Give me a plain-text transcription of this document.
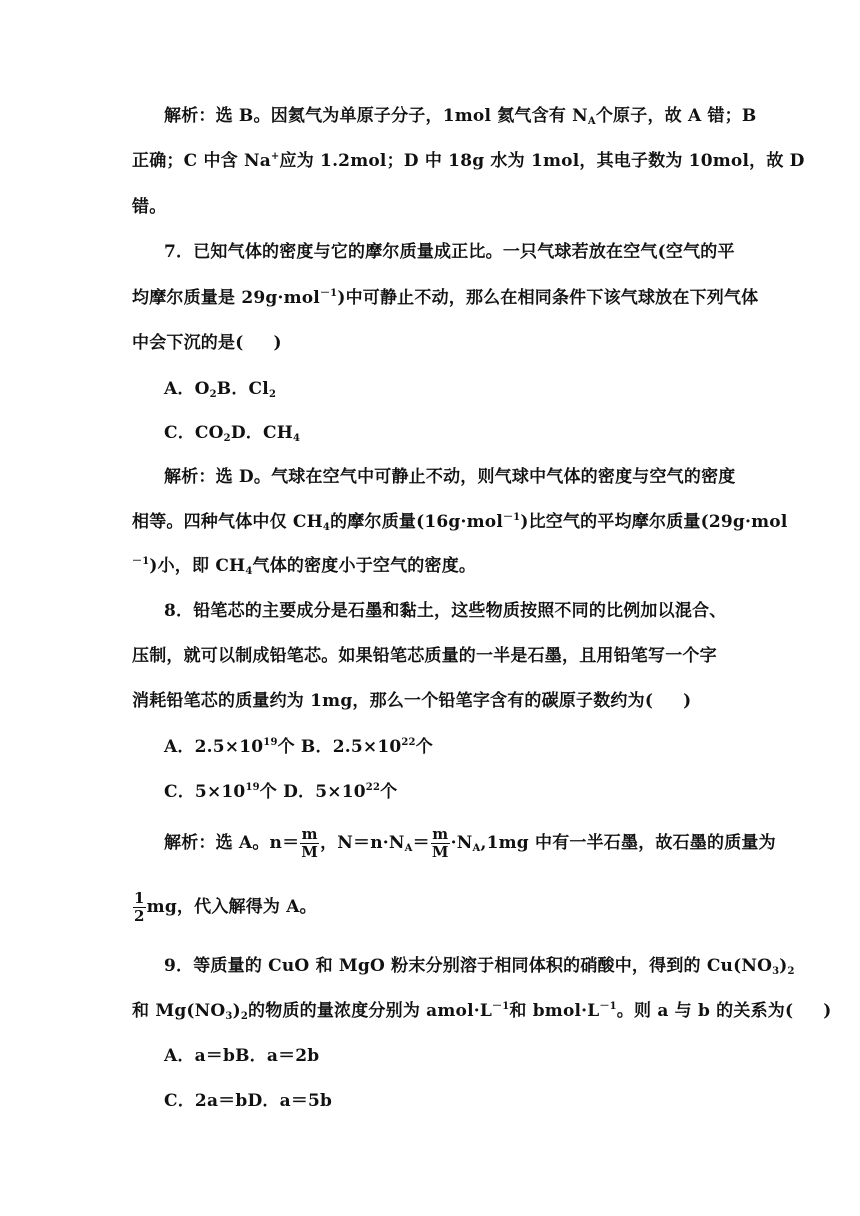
解析：选 B。因氦气为单原子分子，1mol 氦气含有 $N_A$个原子，故 A 错；B
正确；C 中含 Na+应为 1.2mol；D 中 18g 水为 1mol，其电子数为 10mol，故 D
错。
7．已知气体的密度与它的摩尔质量成正比。一只气球若放在空气(空气的平
均摩尔质量是 29g·mol$^{-1}$)中可静止不动，那么在相同条件下该气球放在下列气体
中会下沉的是( )
A．$O_2B$．$Cl_2$
C．$CO_2D$．$CH_4$
解析：选 D。气球在空气中可静止不动，则气球中气体的密度与空气的密度
相等。四种气体中仅 $CH_4$的摩尔质量(16g·mol$^{-1}$)比空气的平均摩尔质量(29g·mol
$^{-1}$)小，即 $CH_4$气体的密度小于空气的密度。
8．铅笔芯的主要成分是石墨和黏土，这些物质按照不同的比例加以混合、
压制，就可以制成铅笔芯。如果铅笔芯质量的一半是石墨，且用铅笔写一个字
消耗铅笔芯的质量约为 1mg，那么一个铅笔字含有的碳原子数约为( )
A．$2.5\times 10^{19}$个 B．$2.5\times 10^{22}$个
C．$5\times 10^{19}$个 D．$5\times 10^{22}$个
解析：选 A。$n= \frac{m}{M}$ ，$N=n\cdot N_A= \frac{m}{M} \cdot N_A,1mg$ 中有一半石墨，故石墨的质量为
$\frac{1}{2}$ mg，代入解得为 A。
9．等质量的 CuO 和 MgO 粉末分别溶于相同体积的硝酸中，得到的 $Cu(NO_3)_2$
和 $Mg(NO_3)_2$的物质的量浓度分别为 $amol\cdot L^{-1}$和 $bmol\cdot L^{-1}$。则 a 与 b 的关系为( )
A．a＝bB．a＝2b
C．2a＝bD．a＝5b
